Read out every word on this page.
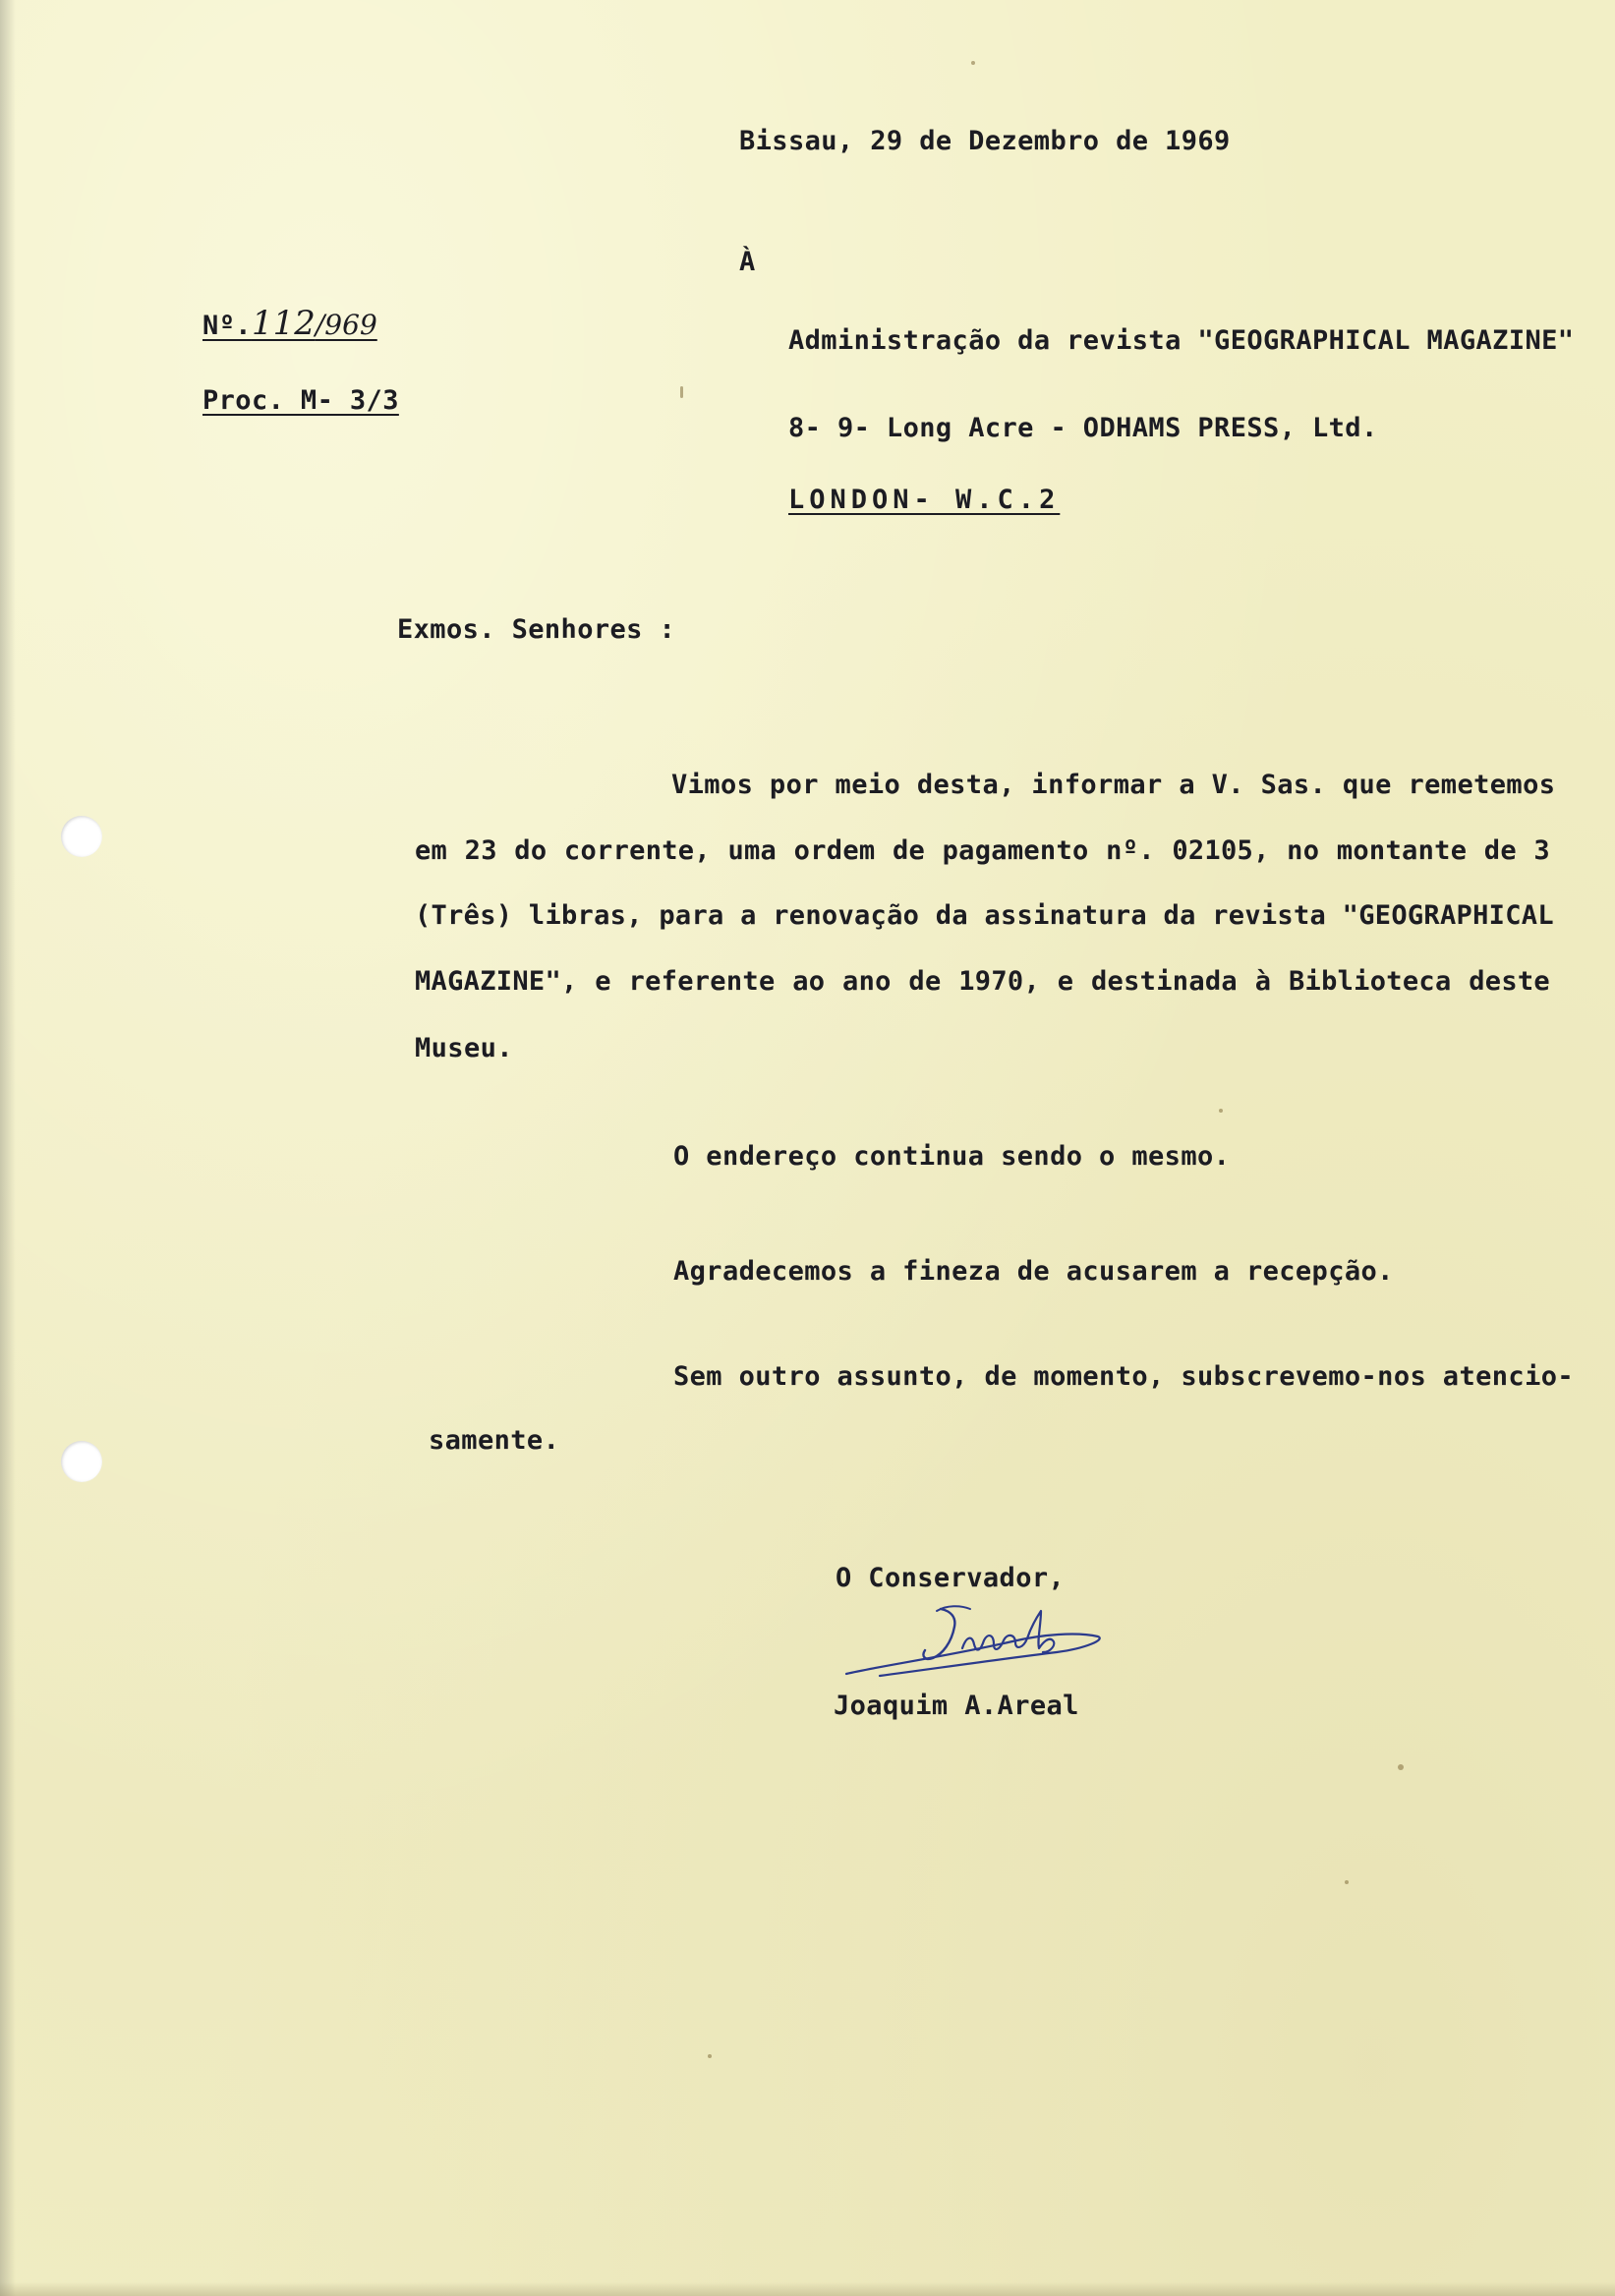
Bissau, 29 de Dezembro de 1969
À
Nº.112/969
Proc. M- 3/3
Administração da revista "GEOGRAPHICAL MAGAZINE"
8- 9- Long Acre - ODHAMS PRESS, Ltd.
LONDON- W.C.2
Exmos. Senhores :
Vimos por meio desta, informar a V. Sas. que remetemos
em 23 do corrente, uma ordem de pagamento nº. 02105, no montante de 3
(Três) libras, para a renovação da assinatura da revista "GEOGRAPHICAL
MAGAZINE", e referente ao ano de 1970, e destinada à Biblioteca deste
Museu.
O endereço continua sendo o mesmo.
Agradecemos a fineza de acusarem a recepção.
Sem outro assunto, de momento, subscrevemo-nos atencio-
samente.
O Conservador,
Joaquim A.Areal
